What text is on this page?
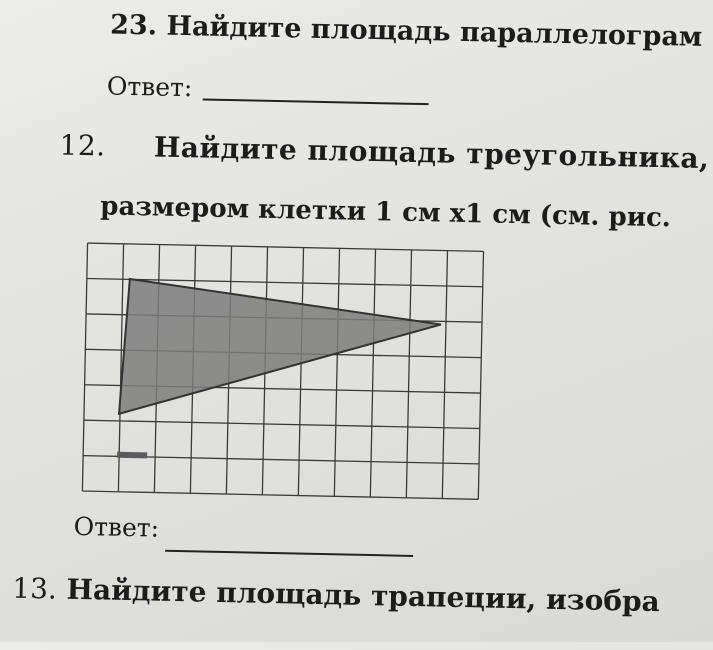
23. Найдите площадь параллелограм
Ответ:
12. Найдите площадь треугольника,
размером клетки 1 см х1 см (см. рис.
Ответ:
13. Найдите площадь трапеции, изобра
